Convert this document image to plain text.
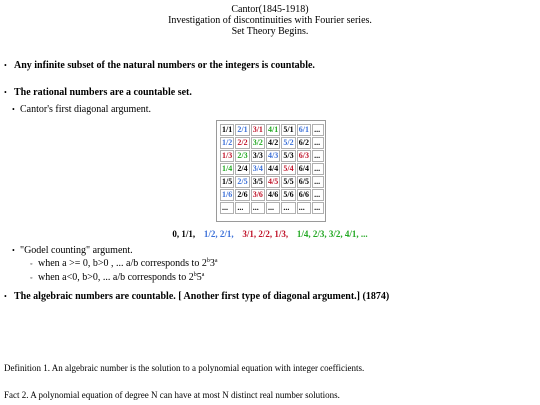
Cantor(1845-1918)
Investigation of discontinuities with Fourier series.
Set Theory Begins.
• Any infinite subset of the natural numbers or the integers is countable.
• The rational numbers are a countable set.
• Cantor's first diagonal argument.
1/1	2/1	3/1	4/1	5/1	6/1	...
1/2	2/2	3/2	4/2	5/2	6/2	...
1/3	2/3	3/3	4/3	5/3	6/3	...
1/4	2/4	3/4	4/4	5/4	6/4	...
1/5	2/5	3/5	4/5	5/5	6/5	...
1/6	2/6	3/6	4/6	5/6	6/6	...
...	...	...	...	...	...	...
0, 1/1, 1/2, 2/1, 3/1, 2/2, 1/3, 1/4, 2/3, 3/2, 4/1, ...
• "Godel counting" argument.
◦ when a >= 0, b>0 , ... a/b corresponds to 2$^b$3$^a$
◦ when a<0, b>0, ... a/b corresponds to 2$^b$5$^a$
• The algebraic numbers are countable. [ Another first type of diagonal argument.] (1874)
Definition 1. An algebraic number is the solution to a polynomial equation with integer coefficients.
Fact 2. A polynomial equation of degree N can have at most N distinct real number solutions.
